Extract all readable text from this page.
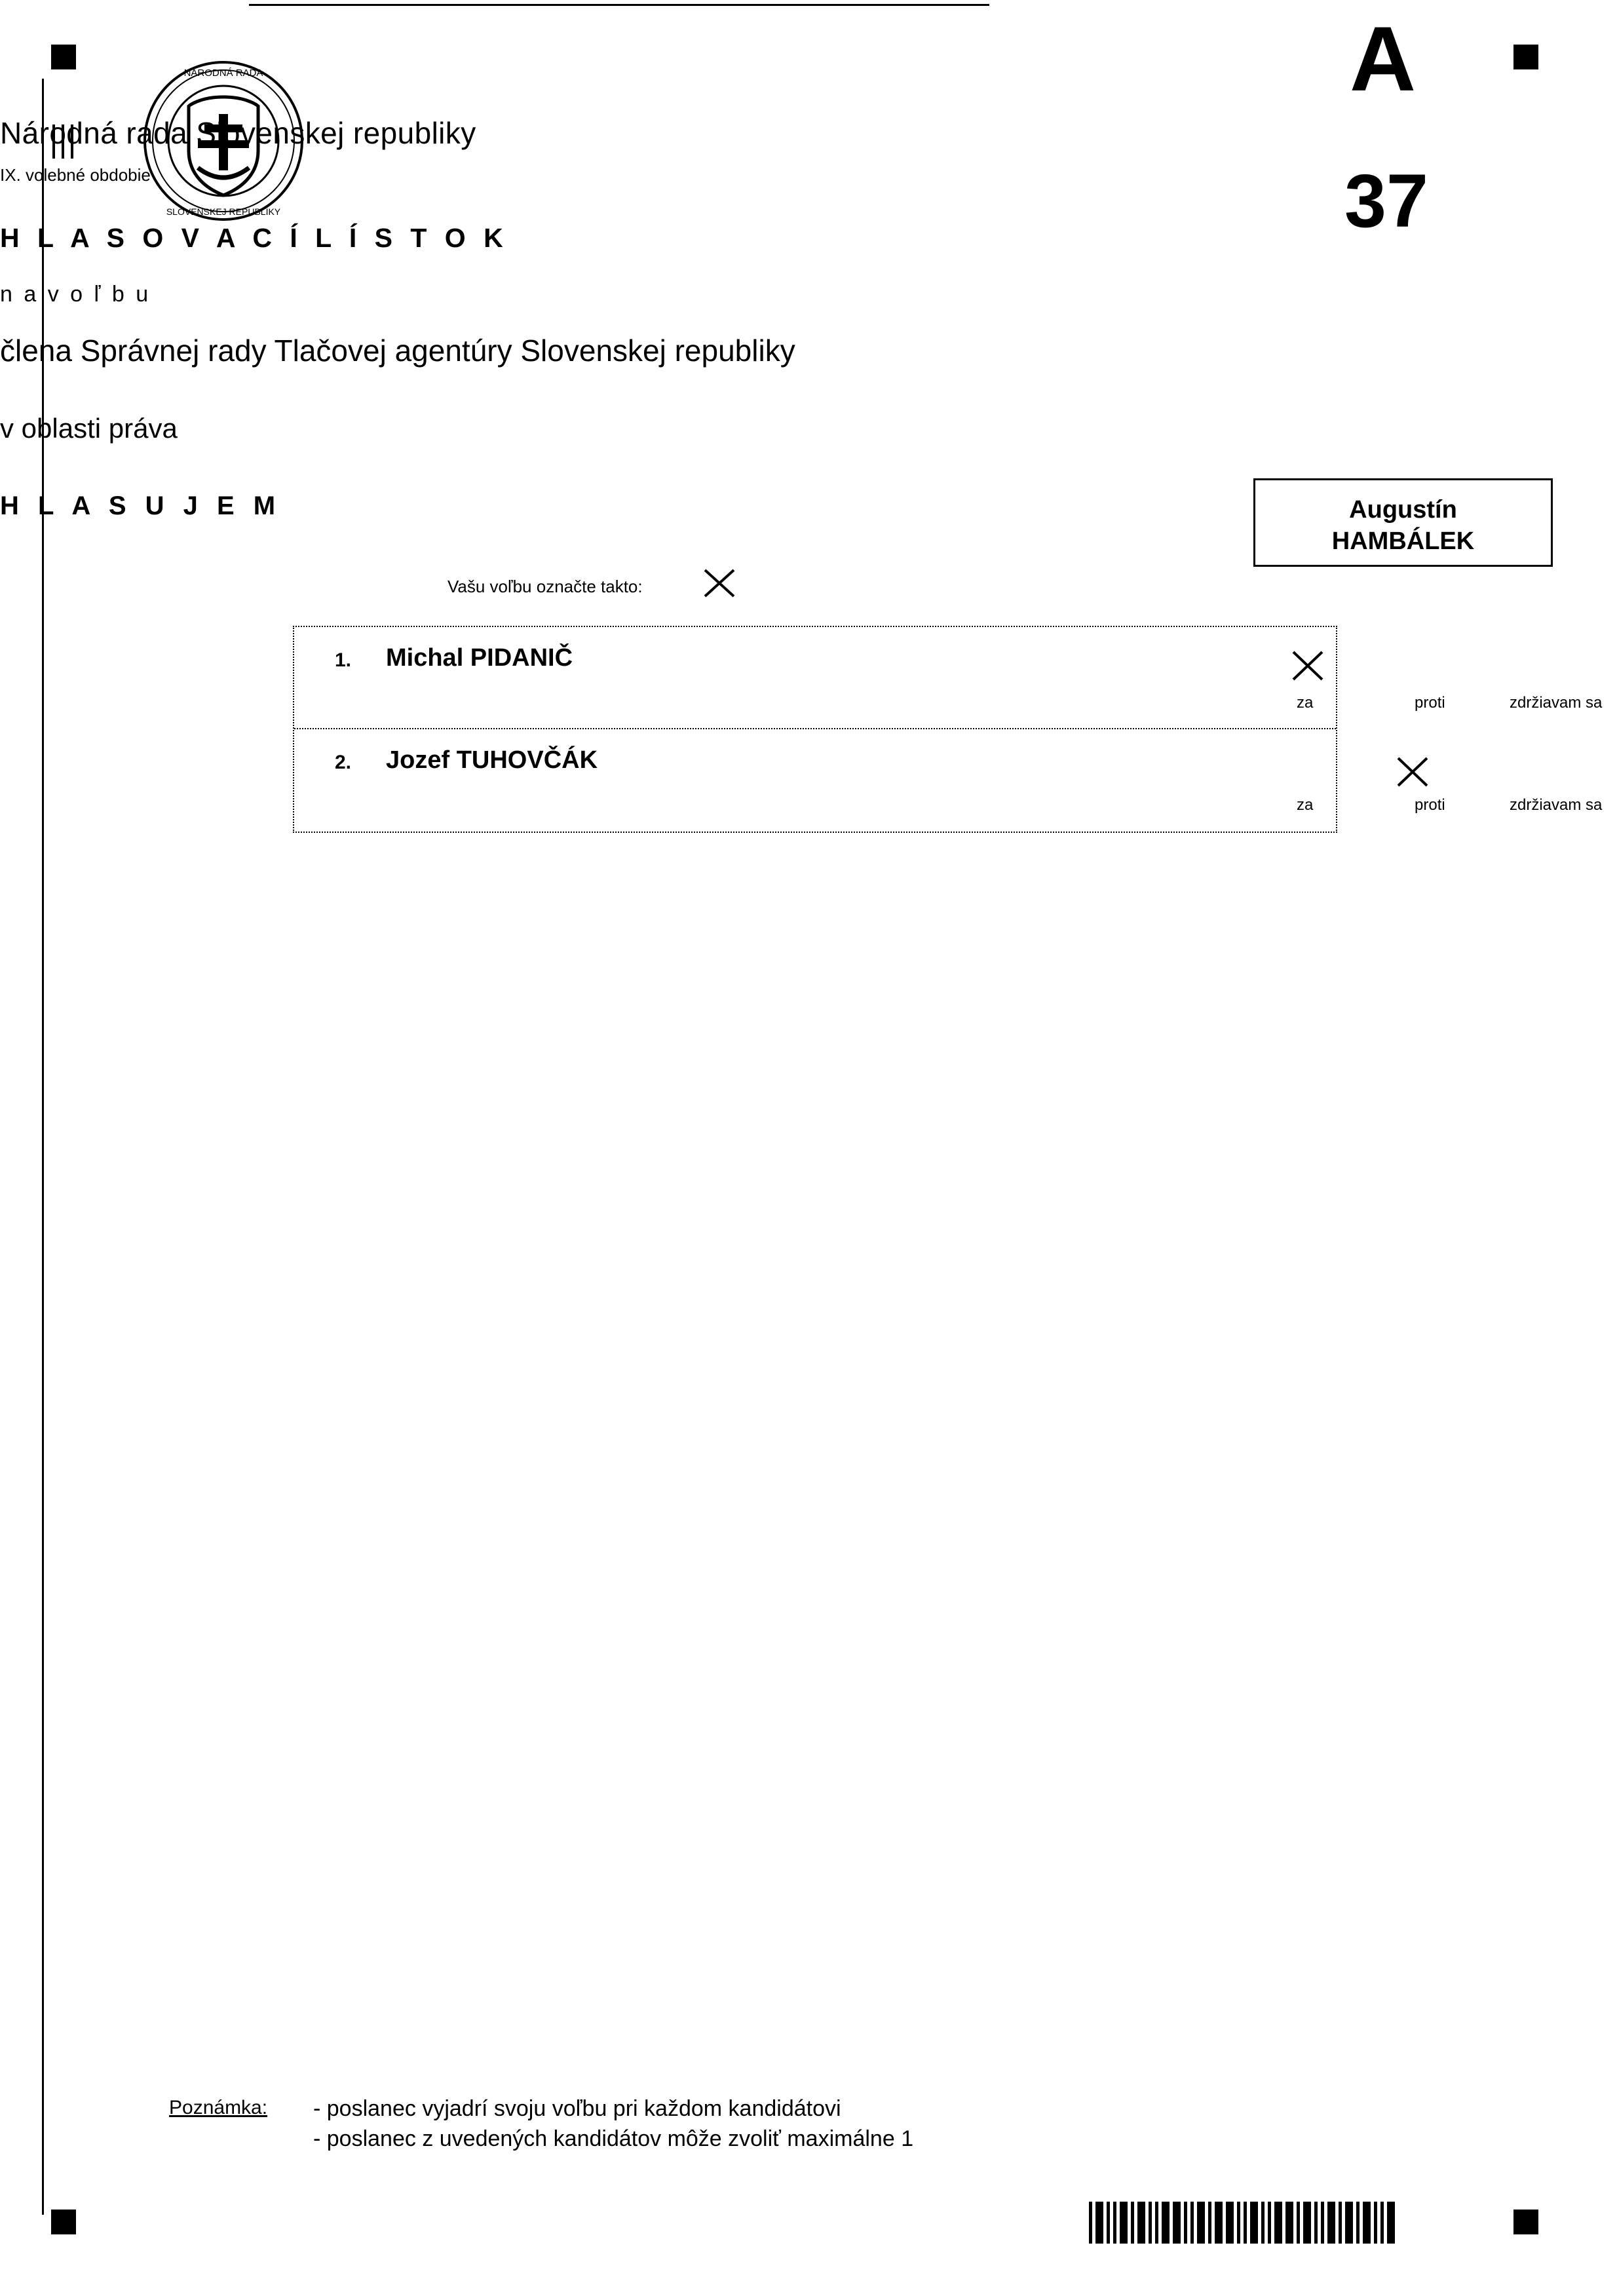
NÁRODNÁ RADA
SLOVENSKEJ REPUBLIKY
Národná rada Slovenskej republiky
IX. volebné obdobie
H L A S O V A C Í L Í S T O K
n a v o ľ b u
člena Správnej rady Tlačovej agentúry Slovenskej republiky
v oblasti práva
H L A S U J E M
A
37
Augustín
HAMBÁLEK
Vašu voľbu označte takto:
1. Michal PIDANIČ
za	proti	zdržiavam sa
2. Jozef TUHOVČÁK
za	proti	zdržiavam sa
Poznámka: - poslanec vyjadrí svoju voľbu pri každom kandidátovi
- poslanec z uvedených kandidátov môže zvoliť maximálne 1
